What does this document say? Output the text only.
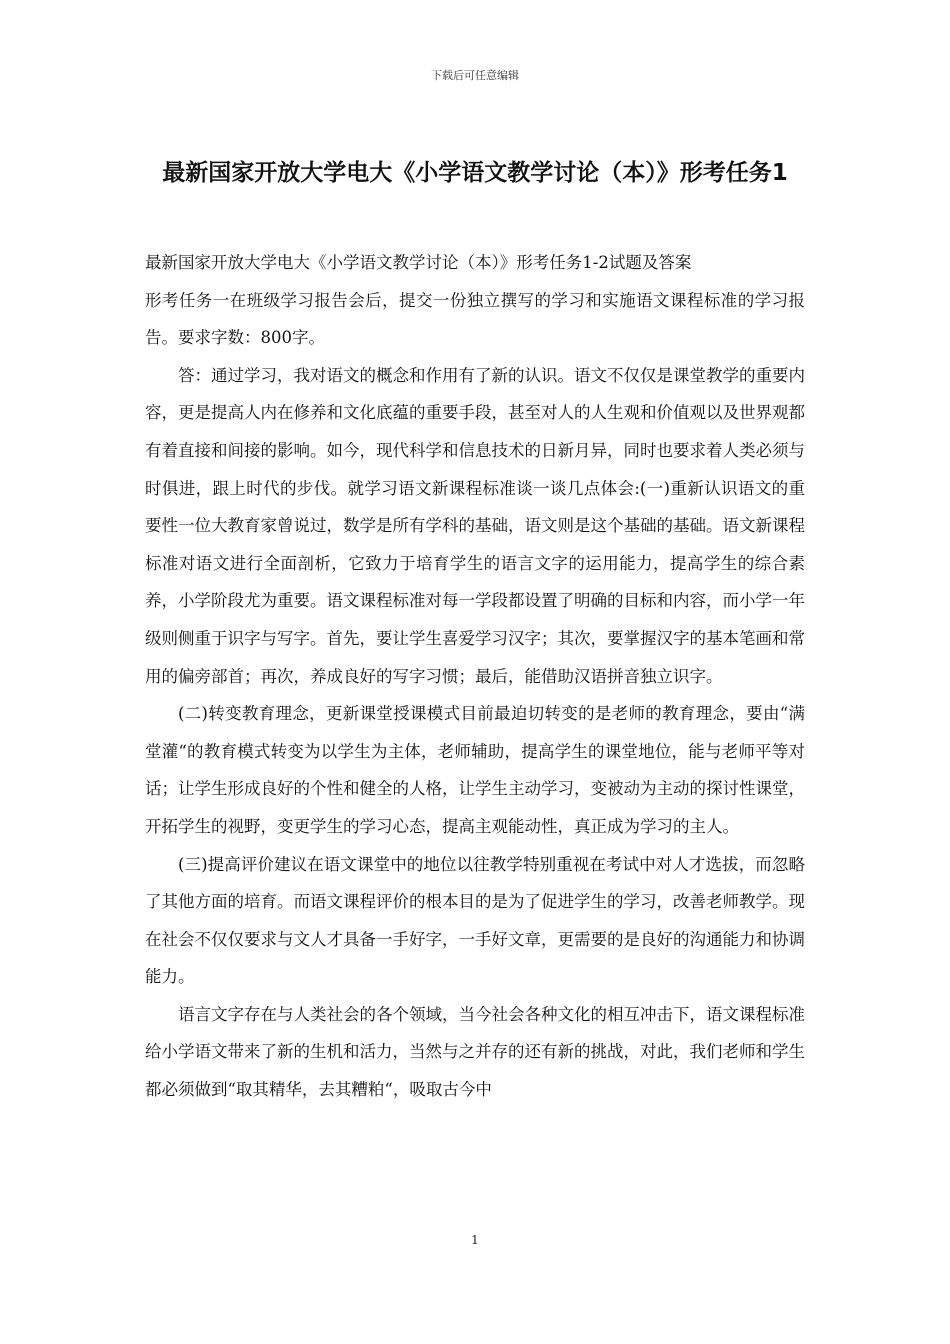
下载后可任意编辑
最新国家开放大学电大《小学语文教学讨论（本）》形考任务1

最新国家开放大学电大《小学语文教学讨论（本）》形考任务1-2试题及答案

形考任务一在班级学习报告会后，提交一份独立撰写的学习和实施语文课程标准的学习报告。要求字数：800字。

答：通过学习，我对语文的概念和作用有了新的认识。语文不仅仅是课堂教学的重要内容，更是提高人内在修养和文化底蕴的重要手段，甚至对人的人生观和价值观以及世界观都有着直接和间接的影响。如今，现代科学和信息技术的日新月异，同时也要求着人类必须与时俱进，跟上时代的步伐。就学习语文新课程标准谈一谈几点体会:(一)重新认识语文的重要性一位大教育家曾说过，数学是所有学科的基础，语文则是这个基础的基础。语文新课程标准对语文进行全面剖析，它致力于培育学生的语言文字的运用能力，提高学生的综合素养，小学阶段尤为重要。语文课程标准对每一学段都设置了明确的目标和内容，而小学一年级则侧重于识字与写字。首先，要让学生喜爱学习汉字；其次，要掌握汉字的基本笔画和常用的偏旁部首；再次，养成良好的写字习惯；最后，能借助汉语拼音独立识字。

(二)转变教育理念，更新课堂授课模式目前最迫切转变的是老师的教育理念，要由“满堂灌“的教育模式转变为以学生为主体，老师辅助，提高学生的课堂地位，能与老师平等对话；让学生形成良好的个性和健全的人格，让学生主动学习，变被动为主动的探讨性课堂，开拓学生的视野，变更学生的学习心态，提高主观能动性，真正成为学习的主人。

(三)提高评价建议在语文课堂中的地位以往教学特别重视在考试中对人才选拔，而忽略了其他方面的培育。而语文课程评价的根本目的是为了促进学生的学习，改善老师教学。现在社会不仅仅要求与文人才具备一手好字，一手好文章，更需要的是良好的沟通能力和协调能力。

语言文字存在与人类社会的各个领域，当今社会各种文化的相互冲击下，语文课程标准给小学语文带来了新的生机和活力，当然与之并存的还有新的挑战，对此，我们老师和学生都必须做到“取其精华，去其糟粕“，吸取古今中

1
